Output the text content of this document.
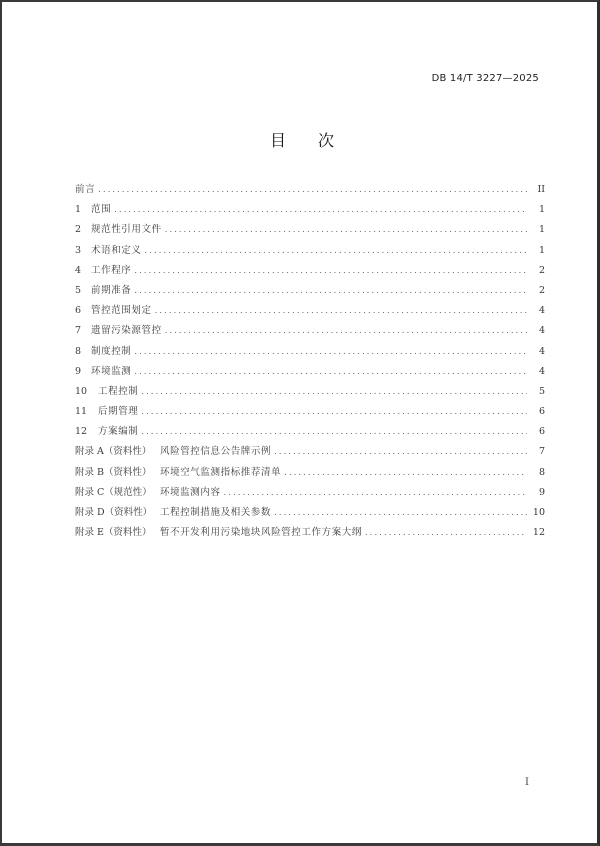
DB 14/T 3227—2025
目 次
前言 .....	II
1	范围 .....	1
2	规范性引用文件 .....	1
3	术语和定义 .....	1
4	工作程序 .....	2
5	前期准备 .....	2
6	管控范围划定 .....	4
7	遗留污染源管控 .....	4
8	制度控制 .....	4
9	环境监测 .....	4
10	工程控制 .....	5
11	后期管理 .....	6
12	方案编制 .....	6
附录 A（资料性） 风险管控信息公告牌示例 .....	7
附录 B（资料性） 环境空气监测指标推荐清单 .....	8
附录 C（规范性） 环境监测内容 .....	9
附录 D（资料性） 工程控制措施及相关参数 .....	10
附录 E（资料性） 暂不开发利用污染地块风险管控工作方案大纲 .....	12
I
